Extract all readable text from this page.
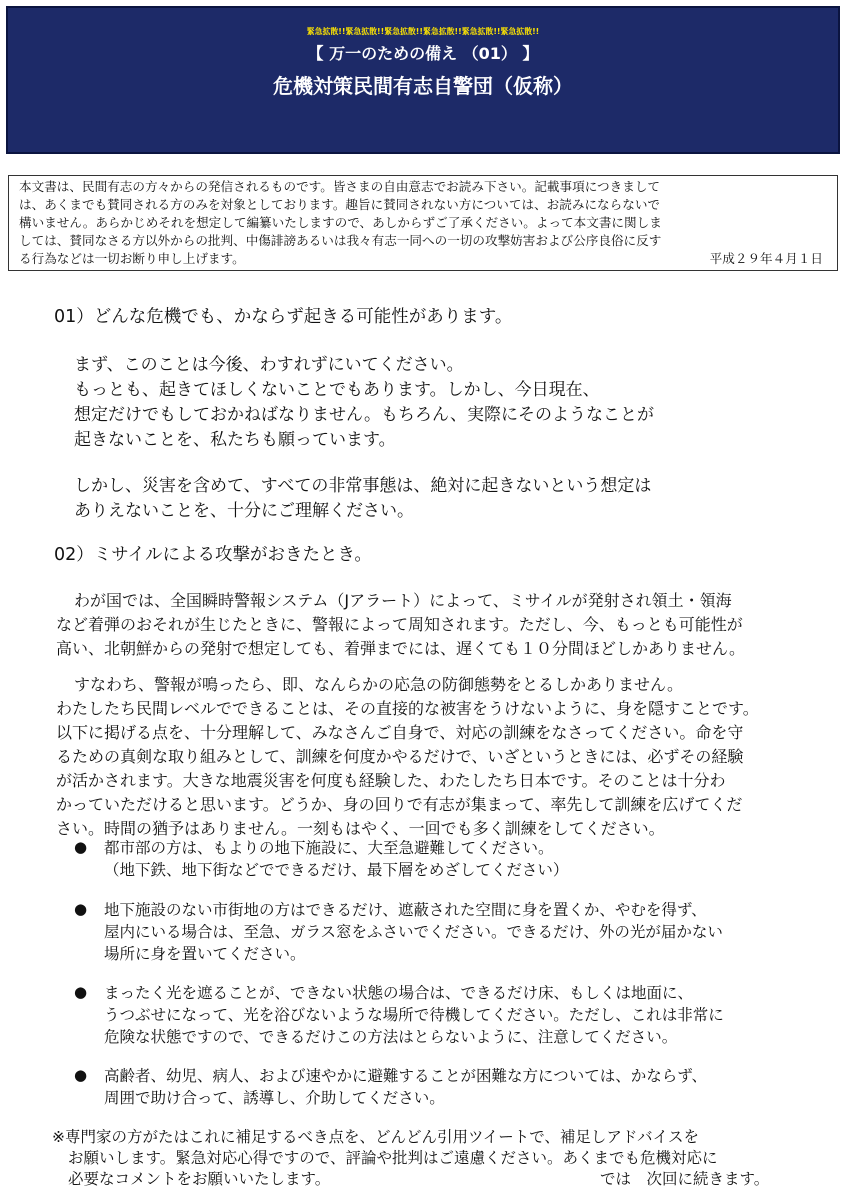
緊急拡散!!緊急拡散!!緊急拡散!!緊急拡散!!緊急拡散!!緊急拡散!!
【 万一のための備え （01） 】
危機対策民間有志自警団（仮称）
本文書は、民間有志の方々からの発信されるものです。皆さまの自由意志でお読み下さい。記載事項につきまして
は、あくまでも賛同される方のみを対象としております。趣旨に賛同されない方については、お読みにならないで
構いません。あらかじめそれを想定して編纂いたしますので、あしからずご了承ください。よって本文書に関しま
しては、賛同なさる方以外からの批判、中傷誹謗あるいは我々有志一同への一切の攻撃妨害および公序良俗に反す
る行為などは一切お断り申し上げます。	平成２９年４月１日
01）どんな危機でも、かならず起きる可能性があります。
まず、このことは今後、わすれずにいてください。
もっとも、起きてほしくないことでもあります。しかし、今日現在、
想定だけでもしておかねばなりません。もちろん、実際にそのようなことが
起きないことを、私たちも願っています。
しかし、災害を含めて、すべての非常事態は、絶対に起きないという想定は
ありえないことを、十分にご理解ください。
02）ミサイルによる攻撃がおきたとき。
わが国では、全国瞬時警報システム（Jアラート）によって、ミサイルが発射され領土・領海
など着弾のおそれが生じたときに、警報によって周知されます。ただし、今、もっとも可能性が
高い、北朝鮮からの発射で想定しても、着弾までには、遅くても１０分間ほどしかありません。
すなわち、警報が鳴ったら、即、なんらかの応急の防御態勢をとるしかありません。
わたしたち民間レベルでできることは、その直接的な被害をうけないように、身を隠すことです。
以下に掲げる点を、十分理解して、みなさんご自身で、対応の訓練をなさってください。命を守
るための真剣な取り組みとして、訓練を何度かやるだけで、いざというときには、必ずその経験
が活かされます。大きな地震災害を何度も経験した、わたしたち日本です。そのことは十分わ
かっていただけると思います。どうか、身の回りで有志が集まって、率先して訓練を広げてくだ
さい。時間の猶予はありません。一刻もはやく、一回でも多く訓練をしてください。
● 都市部の方は、もよりの地下施設に、大至急避難してください。
（地下鉄、地下街などでできるだけ、最下層をめざしてください）
● 地下施設のない市街地の方はできるだけ、遮蔽された空間に身を置くか、やむを得ず、
屋内にいる場合は、至急、ガラス窓をふさいでください。できるだけ、外の光が届かない
場所に身を置いてください。
● まったく光を遮ることが、できない状態の場合は、できるだけ床、もしくは地面に、
うつぶせになって、光を浴びないような場所で待機してください。ただし、これは非常に
危険な状態ですので、できるだけこの方法はとらないように、注意してください。
● 高齢者、幼児、病人、および速やかに避難することが困難な方については、かならず、
周囲で助け合って、誘導し、介助してください。
※専門家の方がたはこれに補足するべき点を、どんどん引用ツイートで、補足しアドバイスを
お願いします。緊急対応心得ですので、評論や批判はご遠慮ください。あくまでも危機対応に
必要なコメントをお願いいたします。	では　次回に続きます。
